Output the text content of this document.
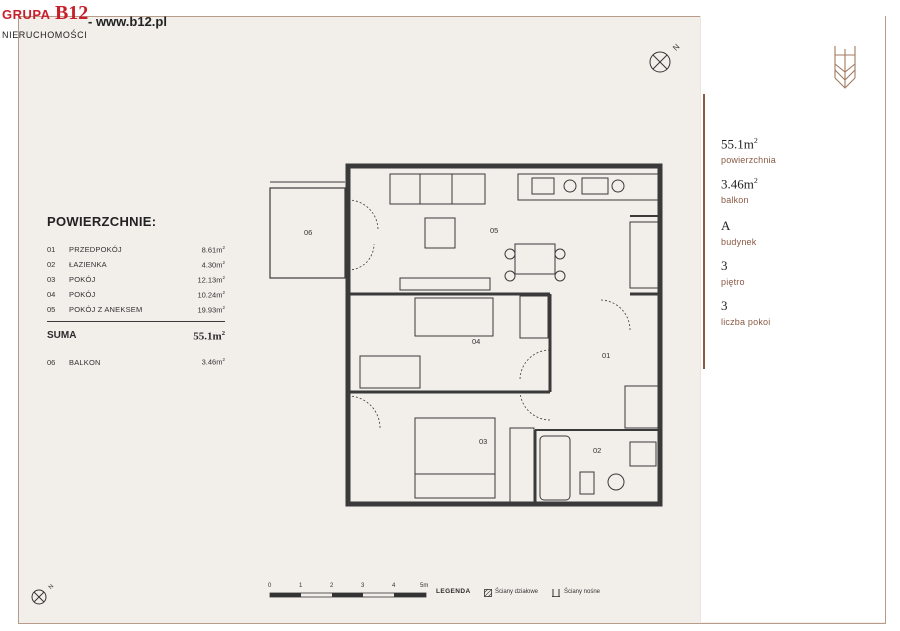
GRUPA B12
NIERUCHOMOŚCI
- www.b12.pl
N
N
POWIERZCHNIE:
01	PRZEDPOKÓJ	$8.61m^2$
02	ŁAZIENKA	$4.30m^2$
03	POKÓJ	$12.13m^2$
04	POKÓJ	$10.24m^2$
05	POKÓJ Z ANEKSEM	$19.93m^2$
SUMA	$55.1m^2$
06	BALKON	$3.46m^2$
$55.1m^2$
powierzchnia
$3.46m^2$
balkon
A
budynek
3
piętro
3
liczba pokoi
06	05
04
01
03
02
0	1	2	3	4	5m
LEGENDA	Ściany działowe	Ściany nośne
